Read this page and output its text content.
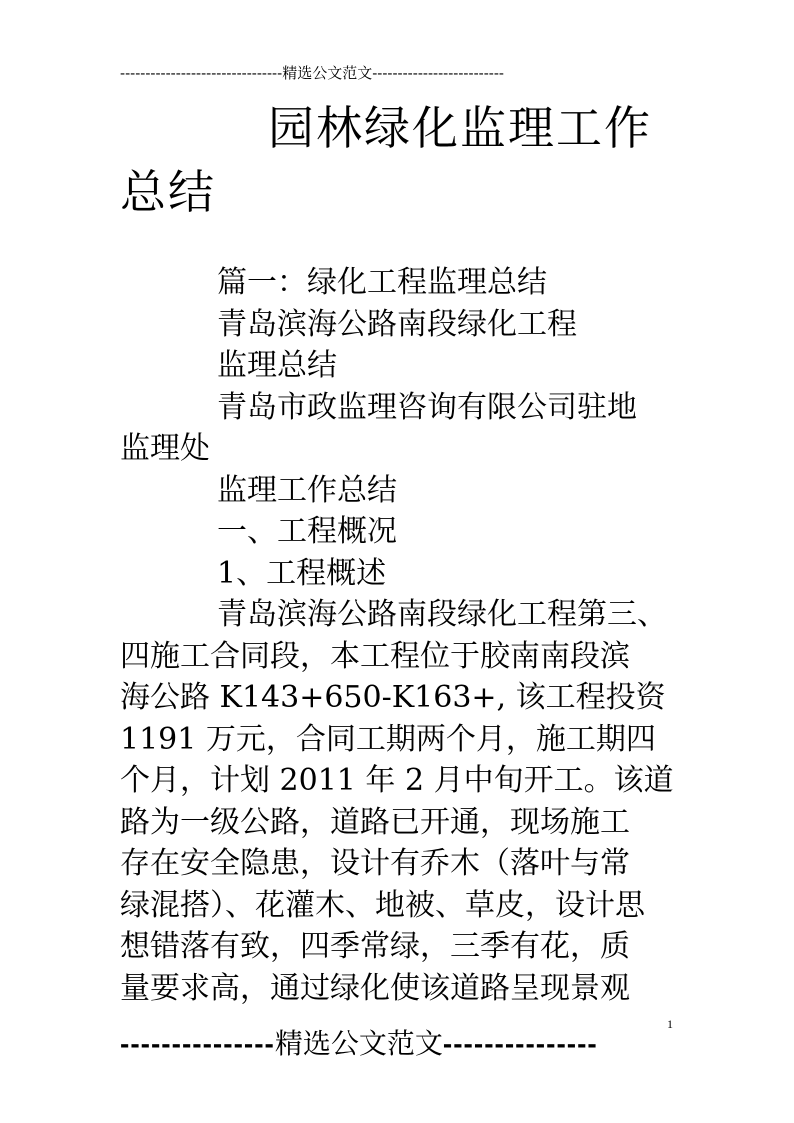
--------------------------------精选公文范文--------------------------
园林绿化监理工作
总结
篇一：绿化工程监理总结
青岛滨海公路南段绿化工程
监理总结
青岛市政监理咨询有限公司驻地
监理处
监理工作总结
一、工程概况
1、工程概述
青岛滨海公路南段绿化工程第三、
四施工合同段，本工程位于胶南南段滨
海公路 K143+650-K163+, 该工程投资
1191 万元，合同工期两个月，施工期四
个月，计划 2011 年 2 月中旬开工。该道
路为一级公路，道路已开通，现场施工
存在安全隐患，设计有乔木（落叶与常
绿混搭）、花灌木、地被、草皮，设计思
想错落有致，四季常绿，三季有花，质
量要求高，通过绿化使该道路呈现景观
1
---------------精选公文范文---------------
